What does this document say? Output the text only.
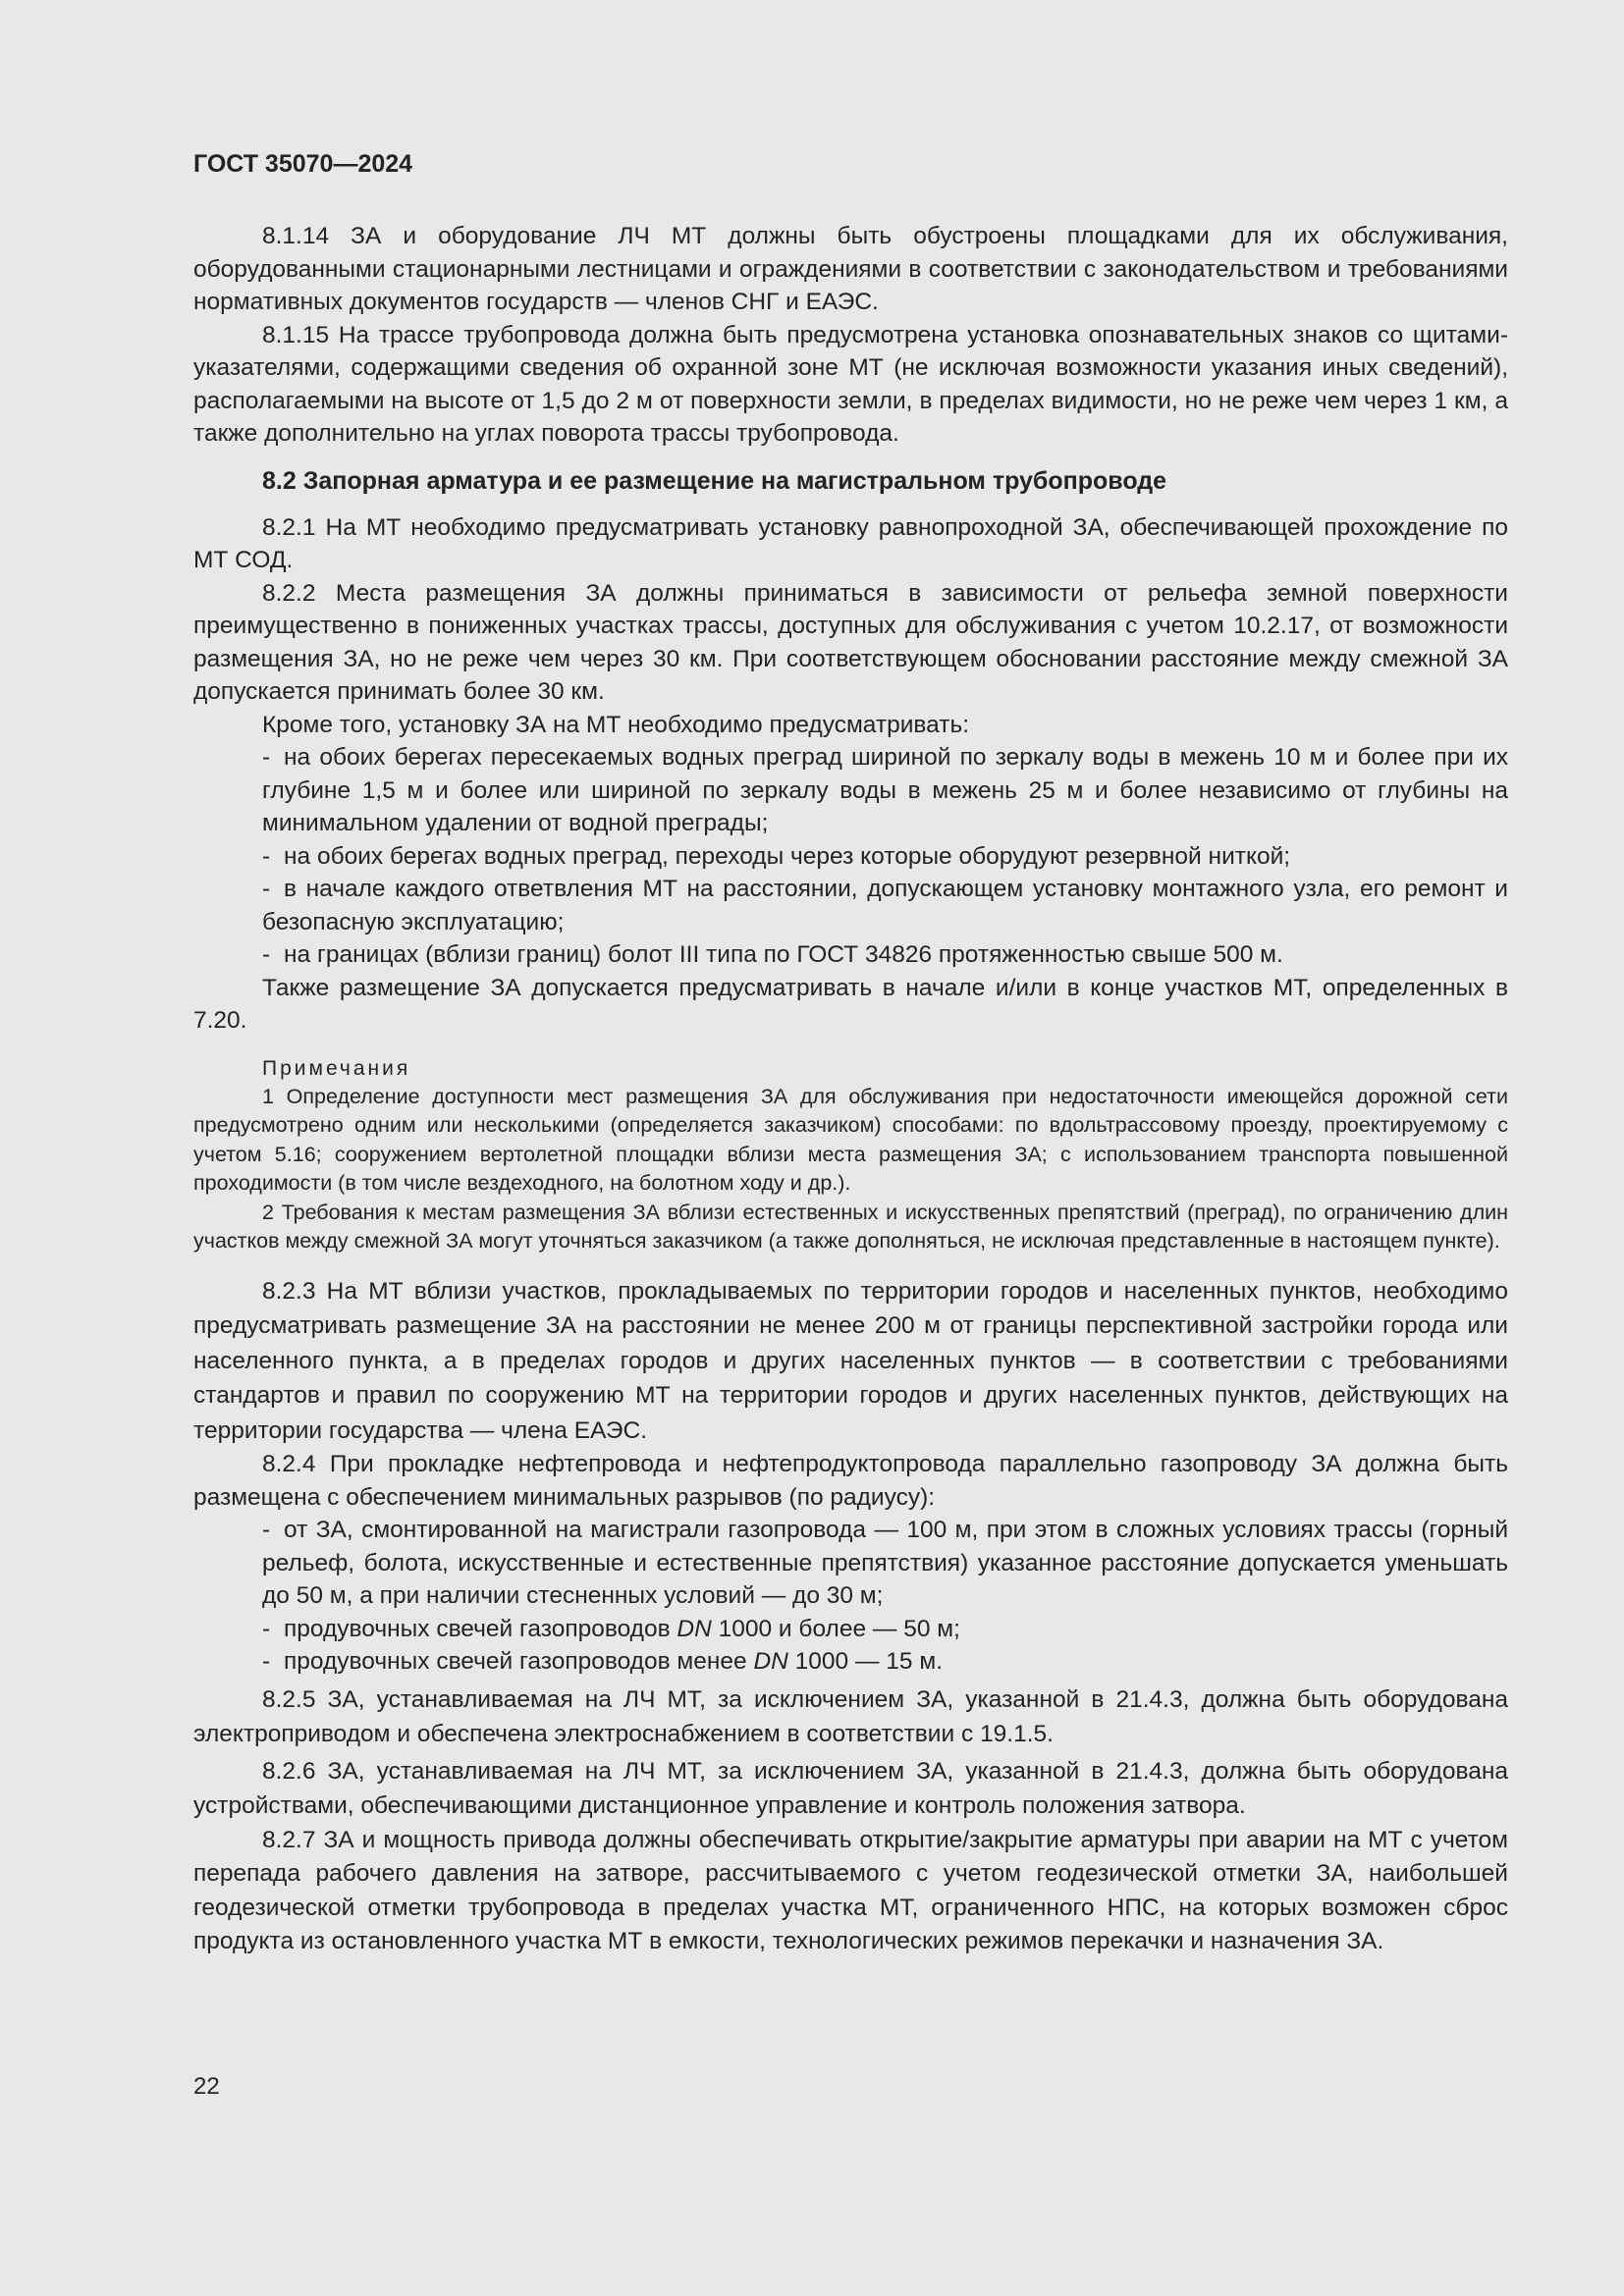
ГОСТ 35070—2024

8.1.14 ЗА и оборудование ЛЧ МТ должны быть обустроены площадками для их обслуживания, оборудованными стационарными лестницами и ограждениями в соответствии с законодательством и требованиями нормативных документов государств — членов СНГ и ЕАЭС.

8.1.15 На трассе трубопровода должна быть предусмотрена установка опознавательных знаков со щитами-указателями, содержащими сведения об охранной зоне МТ (не исключая возможности указания иных сведений), располагаемыми на высоте от 1,5 до 2 м от поверхности земли, в пределах видимости, но не реже чем через 1 км, а также дополнительно на углах поворота трассы трубопровода.

8.2 Запорная арматура и ее размещение на магистральном трубопроводе

8.2.1 На МТ необходимо предусматривать установку равнопроходной ЗА, обеспечивающей прохождение по МТ СОД.

8.2.2 Места размещения ЗА должны приниматься в зависимости от рельефа земной поверхности преимущественно в пониженных участках трассы, доступных для обслуживания с учетом 10.2.17, от возможности размещения ЗА, но не реже чем через 30 км. При соответствующем обосновании расстояние между смежной ЗА допускается принимать более 30 км.

Кроме того, установку ЗА на МТ необходимо предусматривать:

- на обоих берегах пересекаемых водных преград шириной по зеркалу воды в межень 10 м и более при их глубине 1,5 м и более или шириной по зеркалу воды в межень 25 м и более независимо от глубины на минимальном удалении от водной преграды;

- на обоих берегах водных преград, переходы через которые оборудуют резервной ниткой;

- в начале каждого ответвления МТ на расстоянии, допускающем установку монтажного узла, его ремонт и безопасную эксплуатацию;

- на границах (вблизи границ) болот III типа по ГОСТ 34826 протяженностью свыше 500 м.

Также размещение ЗА допускается предусматривать в начале и/или в конце участков МТ, определенных в 7.20.

Примечания

1 Определение доступности мест размещения ЗА для обслуживания при недостаточности имеющейся дорожной сети предусмотрено одним или несколькими (определяется заказчиком) способами: по вдольтрассовому проезду, проектируемому с учетом 5.16; сооружением вертолетной площадки вблизи места размещения ЗА; с использованием транспорта повышенной проходимости (в том числе вездеходного, на болотном ходу и др.).

2 Требования к местам размещения ЗА вблизи естественных и искусственных препятствий (преград), по ограничению длин участков между смежной ЗА могут уточняться заказчиком (а также дополняться, не исключая представленные в настоящем пункте).

8.2.3 На МТ вблизи участков, прокладываемых по территории городов и населенных пунктов, необходимо предусматривать размещение ЗА на расстоянии не менее 200 м от границы перспективной застройки города или населенного пункта, а в пределах городов и других населенных пунктов — в соответствии с требованиями стандартов и правил по сооружению МТ на территории городов и других населенных пунктов, действующих на территории государства — члена ЕАЭС.

8.2.4 При прокладке нефтепровода и нефтепродуктопровода параллельно газопроводу ЗА должна быть размещена с обеспечением минимальных разрывов (по радиусу):

- от ЗА, смонтированной на магистрали газопровода — 100 м, при этом в сложных условиях трассы (горный рельеф, болота, искусственные и естественные препятствия) указанное расстояние допускается уменьшать до 50 м, а при наличии стесненных условий — до 30 м;

- продувочных свечей газопроводов DN 1000 и более — 50 м;

- продувочных свечей газопроводов менее DN 1000 — 15 м.

8.2.5 ЗА, устанавливаемая на ЛЧ МТ, за исключением ЗА, указанной в 21.4.3, должна быть оборудована электроприводом и обеспечена электроснабжением в соответствии с 19.1.5.

8.2.6 ЗА, устанавливаемая на ЛЧ МТ, за исключением ЗА, указанной в 21.4.3, должна быть оборудована устройствами, обеспечивающими дистанционное управление и контроль положения затвора.

8.2.7 ЗА и мощность привода должны обеспечивать открытие/закрытие арматуры при аварии на МТ с учетом перепада рабочего давления на затворе, рассчитываемого с учетом геодезической отметки ЗА, наибольшей геодезической отметки трубопровода в пределах участка МТ, ограниченного НПС, на которых возможен сброс продукта из остановленного участка МТ в емкости, технологических режимов перекачки и назначения ЗА.

22
